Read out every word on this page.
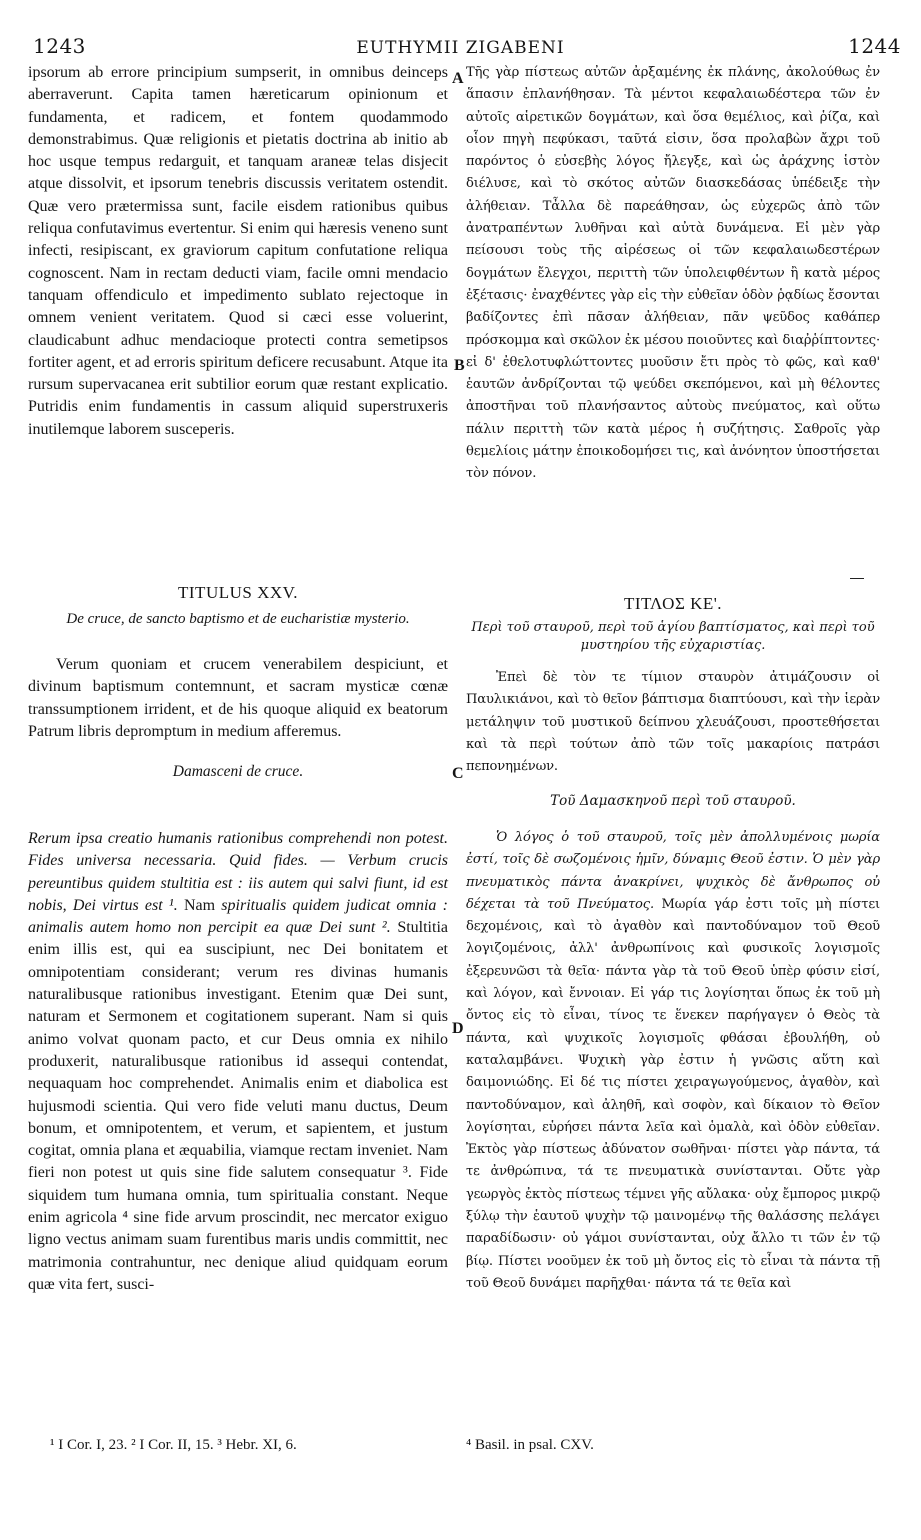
1243	EUTHYMII ZIGABENI	1244
A
B
C
D

ipsorum ab errore principium sumpserit, in omnibus deinceps aberraverunt. Capita tamen hæreticarum opinionum et fundamenta, et radicem, et fontem quodammodo demonstrabimus. Quæ religionis et pietatis doctrina ab initio ab hoc usque tempus redarguit, et tanquam araneæ telas disjecit atque dissolvit, et ipsorum tenebris discussis veritatem ostendit. Quæ vero prætermissa sunt, facile eisdem rationibus quibus reliqua confutavimus evertentur. Si enim qui hæresis veneno sunt infecti, resipiscant, ex graviorum capitum confutatione reliqua cognoscent. Nam in rectam deducti viam, facile omni mendacio tanquam offendiculo et impedimento sublato rejectoque in omnem venient veritatem. Quod si cæci esse voluerint, claudicabunt adhuc mendacioque protecti contra semetipsos fortiter agent, et ad erroris spiritum deficere recusabunt. Atque ita rursum supervacanea erit subtilior eorum quæ restant explicatio. Putridis enim fundamentis in cassum aliquid superstruxeris inutilemque laborem susceperis.

TITULUS XXV.
De cruce, de sancto baptismo et de eucharistiæ mysterio.

Verum quoniam et crucem venerabilem despiciunt, et divinum baptismum contemnunt, et sacram mysticæ cœnæ transsumptionem irrident, et de his quoque aliquid ex beatorum Patrum libris depromptum in medium afferemus.

Damasceni de cruce.

Rerum ipsa creatio humanis rationibus comprehendi non potest. Fides universa necessaria. Quid fides. — Verbum crucis pereuntibus quidem stultitia est : iis autem qui salvi fiunt, id est nobis, Dei virtus est ¹. Nam spiritualis quidem judicat omnia : animalis autem homo non percipit ea quæ Dei sunt ². Stultitia enim illis est, qui ea suscipiunt, nec Dei bonitatem et omnipotentiam considerant; verum res divinas humanis naturalibusque rationibus investigant. Etenim quæ Dei sunt, naturam et Sermonem et cogitationem superant. Nam si quis animo volvat quonam pacto, et cur Deus omnia ex nihilo produxerit, naturalibusque rationibus id assequi contendat, nequaquam hoc comprehendet. Animalis enim et diabolica est hujusmodi scientia. Qui vero fide veluti manu ductus, Deum bonum, et omnipotentem, et verum, et sapientem, et justum cogitat, omnia plana et æquabilia, viamque rectam inveniet. Nam fieri non potest ut quis sine fide salutem consequatur ³. Fide siquidem tum humana omnia, tum spiritualia constant. Neque enim agricola ⁴ sine fide arvum proscindit, nec mercator exiguo ligno vectus animam suam furentibus maris undis committit, nec matrimonia contrahuntur, nec denique aliud quidquam eorum quæ vita fert, susci-

Τῆς γὰρ πίστεως αὐτῶν ἀρξαμένης ἐκ πλάνης, ἀκολούθως ἐν ἅπασιν ἐπλανήθησαν. Τὰ μέντοι κεφαλαιωδέστερα τῶν ἐν αὐτοῖς αἱρετικῶν δογμάτων, καὶ ὅσα θεμέλιος, καὶ ῥίζα, καὶ οἷον πηγὴ πεφύκασι, ταῦτά εἰσιν, ὅσα προλαβὼν ἄχρι τοῦ παρόντος ὁ εὐσεβὴς λόγος ἤλεγξε, καὶ ὡς ἀράχνης ἱστὸν διέλυσε, καὶ τὸ σκότος αὐτῶν διασκεδάσας ὑπέδειξε τὴν ἀλήθειαν. Τἆλλα δὲ παρεάθησαν, ὡς εὐχερῶς ἀπὸ τῶν ἀνατραπέντων λυθῆναι καὶ αὐτὰ δυνάμενα. Εἰ μὲν γὰρ πείσουσι τοὺς τῆς αἱρέσεως οἱ τῶν κεφαλαιωδεστέρων δογμάτων ἔλεγχοι, περιττὴ τῶν ὑπολειφθέντων ἢ κατὰ μέρος ἐξέτασις· ἐναχθέντες γὰρ εἰς τὴν εὐθεῖαν ὁδὸν ῥᾳδίως ἔσονται βαδίζοντες ἐπὶ πᾶσαν ἀλήθειαν, πᾶν ψεῦδος καθάπερ πρόσκομμα καὶ σκῶλον ἐκ μέσου ποιοῦντες καὶ διαῤῥίπτοντες· εἰ δ' ἐθελοτυφλώττοντες μυοῦσιν ἔτι πρὸς τὸ φῶς, καὶ καθ' ἑαυτῶν ἀνδρίζονται τῷ ψεύδει σκεπόμενοι, καὶ μὴ θέλοντες ἀποστῆναι τοῦ πλανήσαντος αὐτοὺς πνεύματος, καὶ οὕτω πάλιν περιττὴ τῶν κατὰ μέρος ἡ συζήτησις. Σαθροῖς γὰρ θεμελίοις μάτην ἐποικοδομήσει τις, καὶ ἀνόνητον ὑποστήσεται τὸν πόνον.

ΤΙΤΛΟΣ ΚΕ'.
Περὶ τοῦ σταυροῦ, περὶ τοῦ ἁγίου βαπτίσματος, καὶ περὶ τοῦ μυστηρίου τῆς εὐχαριστίας.

Ἐπεὶ δὲ τὸν τε τίμιον σταυρὸν ἀτιμάζουσιν οἱ Παυλικιάνοι, καὶ τὸ θεῖον βάπτισμα διαπτύουσι, καὶ τὴν ἱερὰν μετάληψιν τοῦ μυστικοῦ δείπνου χλευάζουσι, προστεθήσεται καὶ τὰ περὶ τούτων ἀπὸ τῶν τοῖς μακαρίοις πατράσι πεπονημένων.

Τοῦ Δαμασκηνοῦ περὶ τοῦ σταυροῦ.

Ὁ λόγος ὁ τοῦ σταυροῦ, τοῖς μὲν ἀπολλυμένοις μωρία ἐστί, τοῖς δὲ σωζομένοις ἡμῖν, δύναμις Θεοῦ ἐστιν. Ὁ μὲν γὰρ πνευματικὸς πάντα ἀνακρίνει, ψυχικὸς δὲ ἄνθρωπος οὐ δέχεται τὰ τοῦ Πνεύματος. Μωρία γάρ ἐστι τοῖς μὴ πίστει δεχομένοις, καὶ τὸ ἀγαθὸν καὶ παντοδύναμον τοῦ Θεοῦ λογιζομένοις, ἀλλ' ἀνθρωπίνοις καὶ φυσικοῖς λογισμοῖς ἐξερευνῶσι τὰ θεῖα· πάντα γὰρ τὰ τοῦ Θεοῦ ὑπὲρ φύσιν εἰσί, καὶ λόγον, καὶ ἔννοιαν. Εἰ γάρ τις λογίσηται ὅπως ἐκ τοῦ μὴ ὄντος εἰς τὸ εἶναι, τίνος τε ἕνεκεν παρήγαγεν ὁ Θεὸς τὰ πάντα, καὶ ψυχικοῖς λογισμοῖς φθάσαι ἐβουλήθη, οὐ καταλαμβάνει. Ψυχικὴ γὰρ ἐστιν ἡ γνῶσις αὕτη καὶ δαιμονιώδης. Εἰ δέ τις πίστει χειραγωγούμενος, ἀγαθὸν, καὶ παντοδύναμον, καὶ ἀληθῆ, καὶ σοφὸν, καὶ δίκαιον τὸ Θεῖον λογίσηται, εὑρήσει πάντα λεῖα καὶ ὁμαλὰ, καὶ ὁδὸν εὐθεῖαν. Ἐκτὸς γὰρ πίστεως ἀδύνατον σωθῆναι· πίστει γὰρ πάντα, τά τε ἀνθρώπινα, τά τε πνευματικὰ συνίστανται. Οὔτε γὰρ γεωργὸς ἐκτὸς πίστεως τέμνει γῆς αὔλακα· οὐχ ἔμπορος μικρῷ ξύλῳ τὴν ἑαυτοῦ ψυχὴν τῷ μαινομένῳ τῆς θαλάσσης πελάγει παραδίδωσιν· οὐ γάμοι συνίστανται, οὐχ ἄλλο τι τῶν ἐν τῷ βίῳ. Πίστει νοοῦμεν ἐκ τοῦ μὴ ὄντος εἰς τὸ εἶναι τὰ πάντα τῇ τοῦ Θεοῦ δυνάμει παρῆχθαι· πάντα τά τε θεῖα καὶ

¹ I Cor. I, 23. ² I Cor. II, 15. ³ Hebr. XI, 6.	⁴ Basil. in psal. CXV.
